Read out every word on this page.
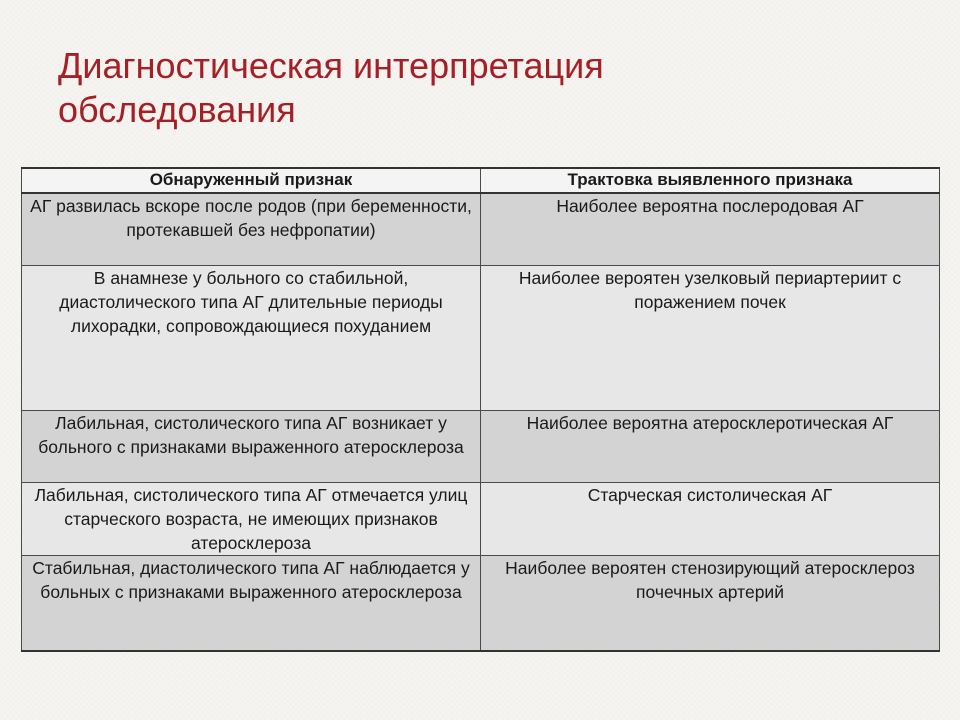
Диагностическая интерпретация
обследования
Обнаруженный признак	Трактовка выявленного признака
АГ развилась вскоре после родов (при беременности, протекавшей без нефропатии)	Наиболее вероятна послеродовая АГ
В анамнезе у больного со стабильной, диастолического типа АГ длительные периоды лихорадки, сопровождающиеся похуданием	Наиболее вероятен узелковый периартериит с поражением почек
Лабильная, систолического типа АГ возникает у больного с признаками выраженного атеросклероза	Наиболее вероятна атеросклеротическая АГ
Лабильная, систолического типа АГ отмечается улиц старческого возраста, не имеющих признаков атеросклероза	Старческая систолическая АГ
Стабильная, диастолического типа АГ наблюдается у больных с признаками выраженного атеросклероза	Наиболее вероятен стенозирующий атеросклероз почечных артерий
